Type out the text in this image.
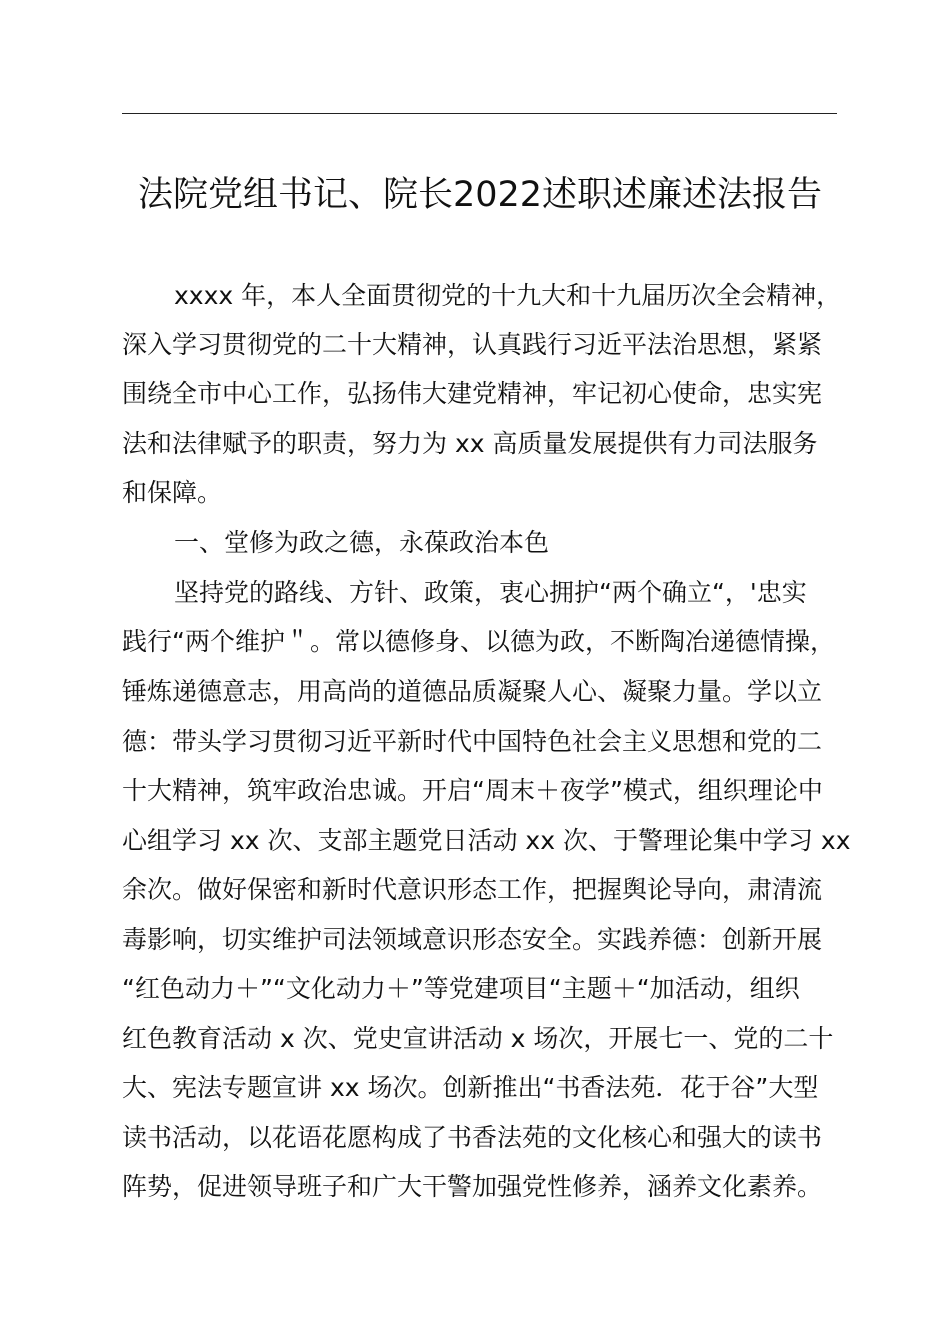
法院党组书记、院长2022述职述廉述法报告
xxxx 年，本人全面贯彻党的十九大和十九届历次全会精神，
深入学习贯彻党的二十大精神，认真践行习近平法治思想，紧紧
围绕全市中心工作，弘扬伟大建党精神，牢记初心使命，忠实宪
法和法律赋予的职责，努力为 xx 高质量发展提供有力司法服务
和保障。
一、堂修为政之德，永葆政治本色
坚持党的路线、方针、政策，衷心拥护“两个确立“，'忠实
践行“两个维护＂。常以德修身、以德为政，不断陶冶递德情操，
锤炼递德意志，用高尚的道德品质凝聚人心、凝聚力量。学以立
德：带头学习贯彻习近平新时代中国特色社会主义思想和党的二
十大精神，筑牢政治忠诚。开启“周末＋夜学”模式，组织理论中
心组学习 xx 次、支部主题党日活动 xx 次、于警理论集中学习 xx
余次。做好保密和新时代意识形态工作，把握舆论导向，肃清流
毒影响，切实维护司法领域意识形态安全。实践养德：创新开展
“红色动力＋”“文化动力＋”等党建项目“主题＋“加活动，组织
红色教育活动 x 次、党史宣讲活动 x 场次，开展七一、党的二十
大、宪法专题宣讲 xx 场次。创新推出“书香法苑．花于谷”大型
读书活动，以花语花愿构成了书香法苑的文化核心和强大的读书
阵势，促进领导班子和广大干警加强党性修养，涵养文化素养。
